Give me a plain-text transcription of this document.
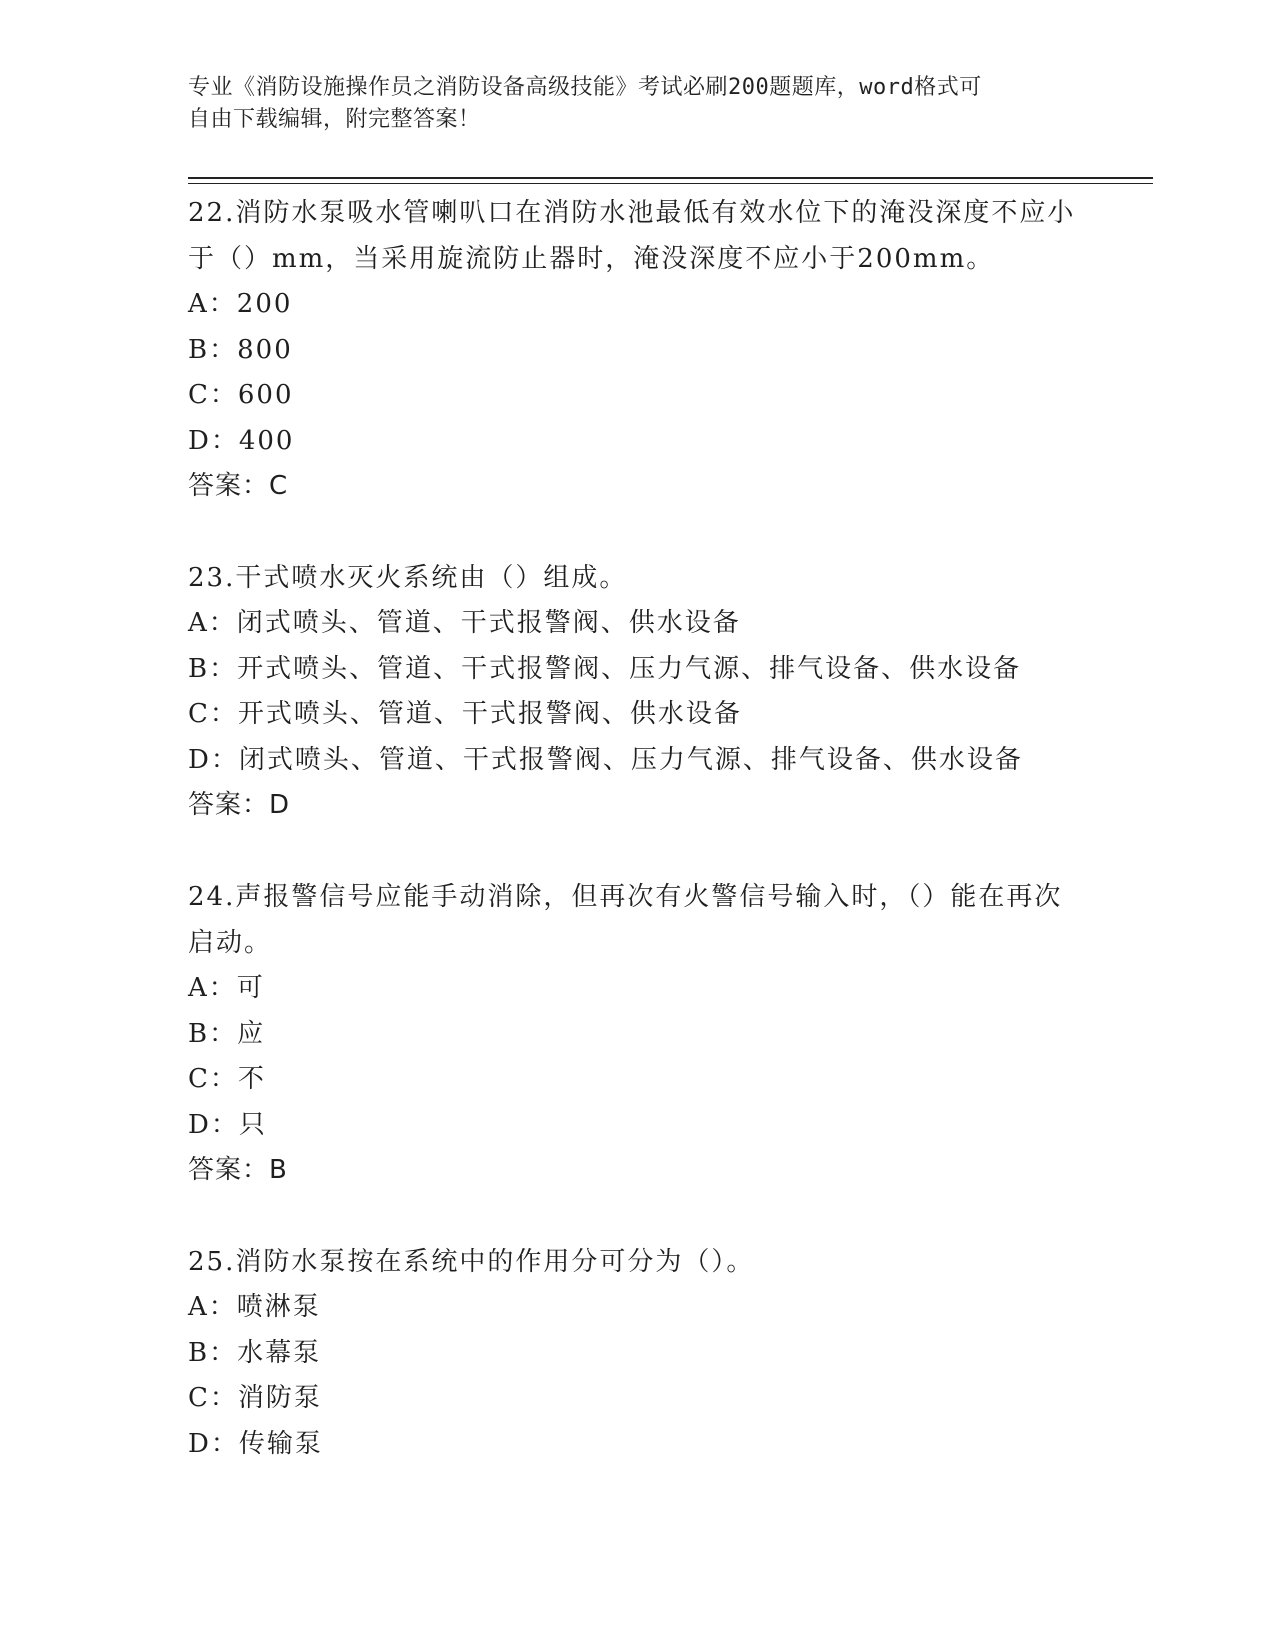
专业《消防设施操作员之消防设备高级技能》考试必刷200题题库，word格式可

自由下载编辑，附完整答案！

22.消防水泵吸水管喇叭口在消防水池最低有效水位下的淹没深度不应小于（）mm，当采用旋流防止器时，淹没深度不应小于200mm。

A：200

B：800

C：600

D：400

答案：C

23.干式喷水灭火系统由（）组成。

A：闭式喷头、管道、干式报警阀、供水设备

B：开式喷头、管道、干式报警阀、压力气源、排气设备、供水设备

C：开式喷头、管道、干式报警阀、供水设备

D：闭式喷头、管道、干式报警阀、压力气源、排气设备、供水设备

答案：D

24.声报警信号应能手动消除，但再次有火警信号输入时，（）能在再次启动。

A：可

B：应

C：不

D：只

答案：B

25.消防水泵按在系统中的作用分可分为（）。

A：喷淋泵

B：水幕泵

C：消防泵

D：传输泵
